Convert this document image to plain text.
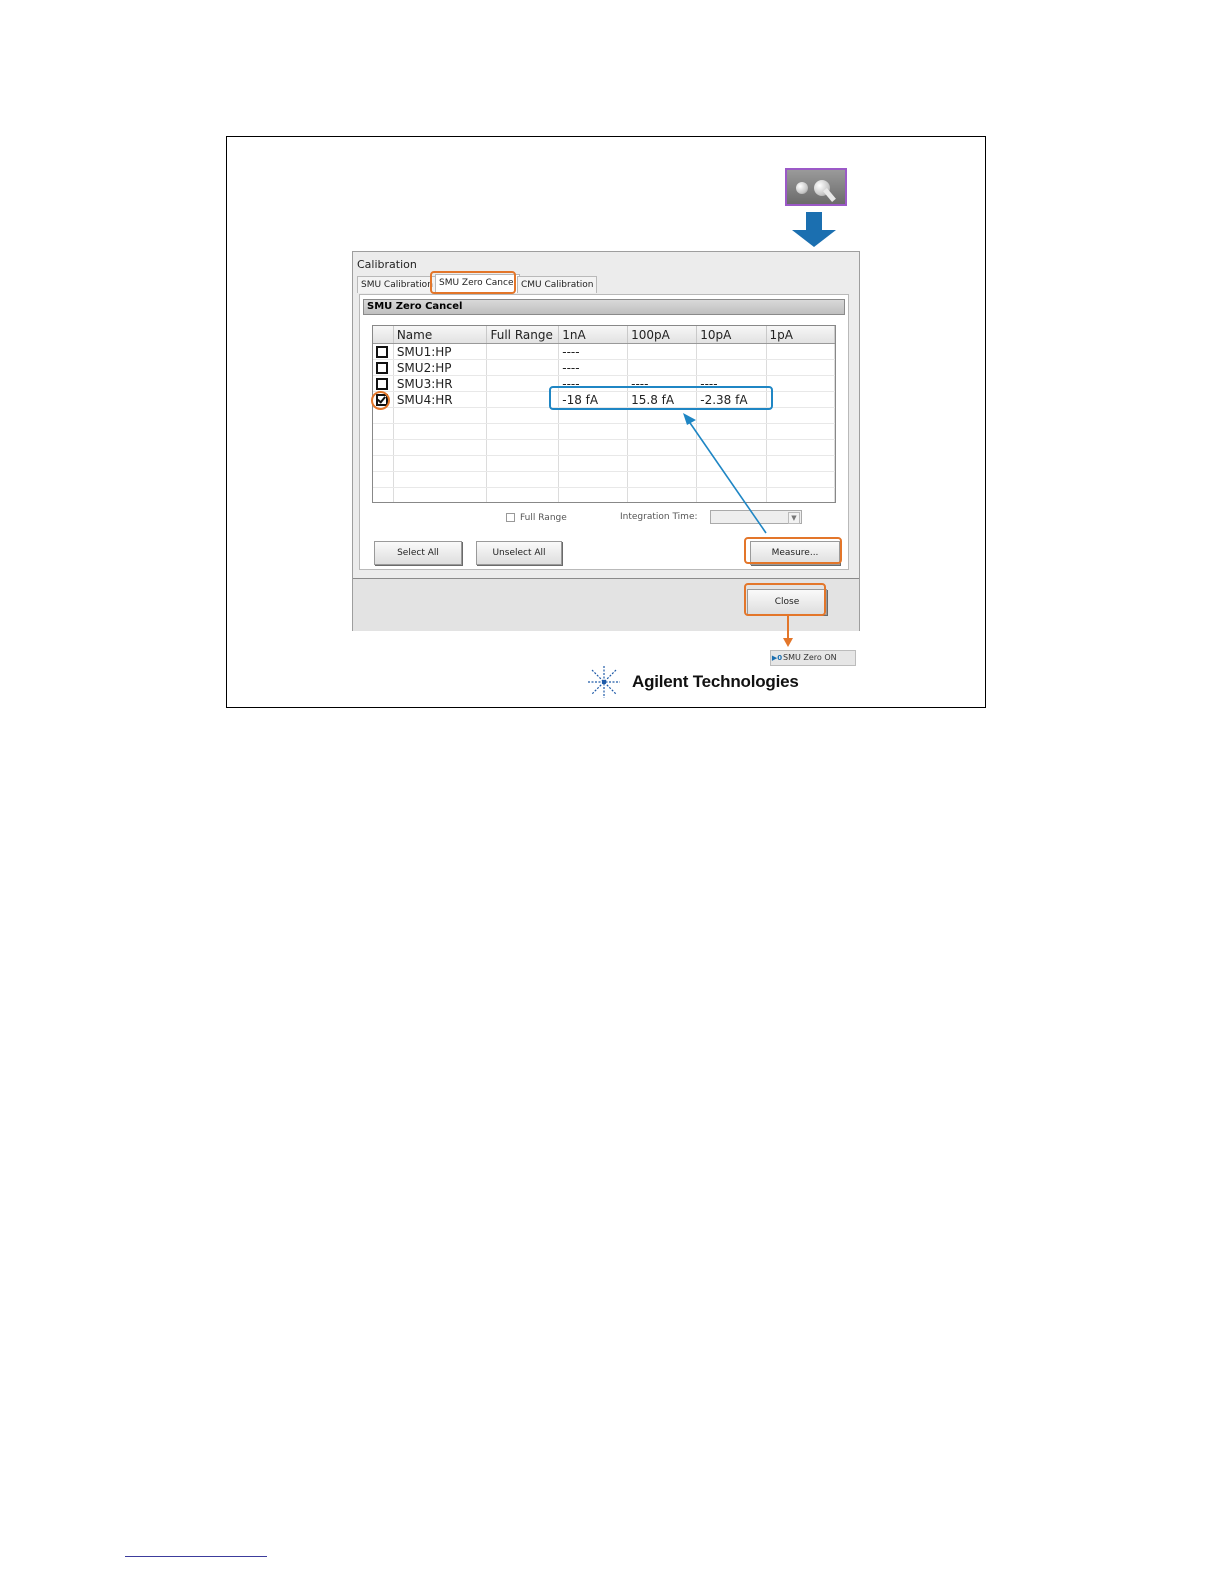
Calibration
SMU Calibration SMU Zero Cancel CMU Calibration
SMU Zero Cancel
	Name	Full Range	1nA	100pA	10pA	1pA
	SMU1:HP		----			
	SMU2:HP		----			
	SMU3:HR		----	----	----	
	SMU4:HR		-18 fA	15.8 fA	-2.38 fA	

Full Range	Integration Time:	▼
Select All	Unselect All	Measure...
Close
▶0SMU Zero ON
Agilent Technologies
